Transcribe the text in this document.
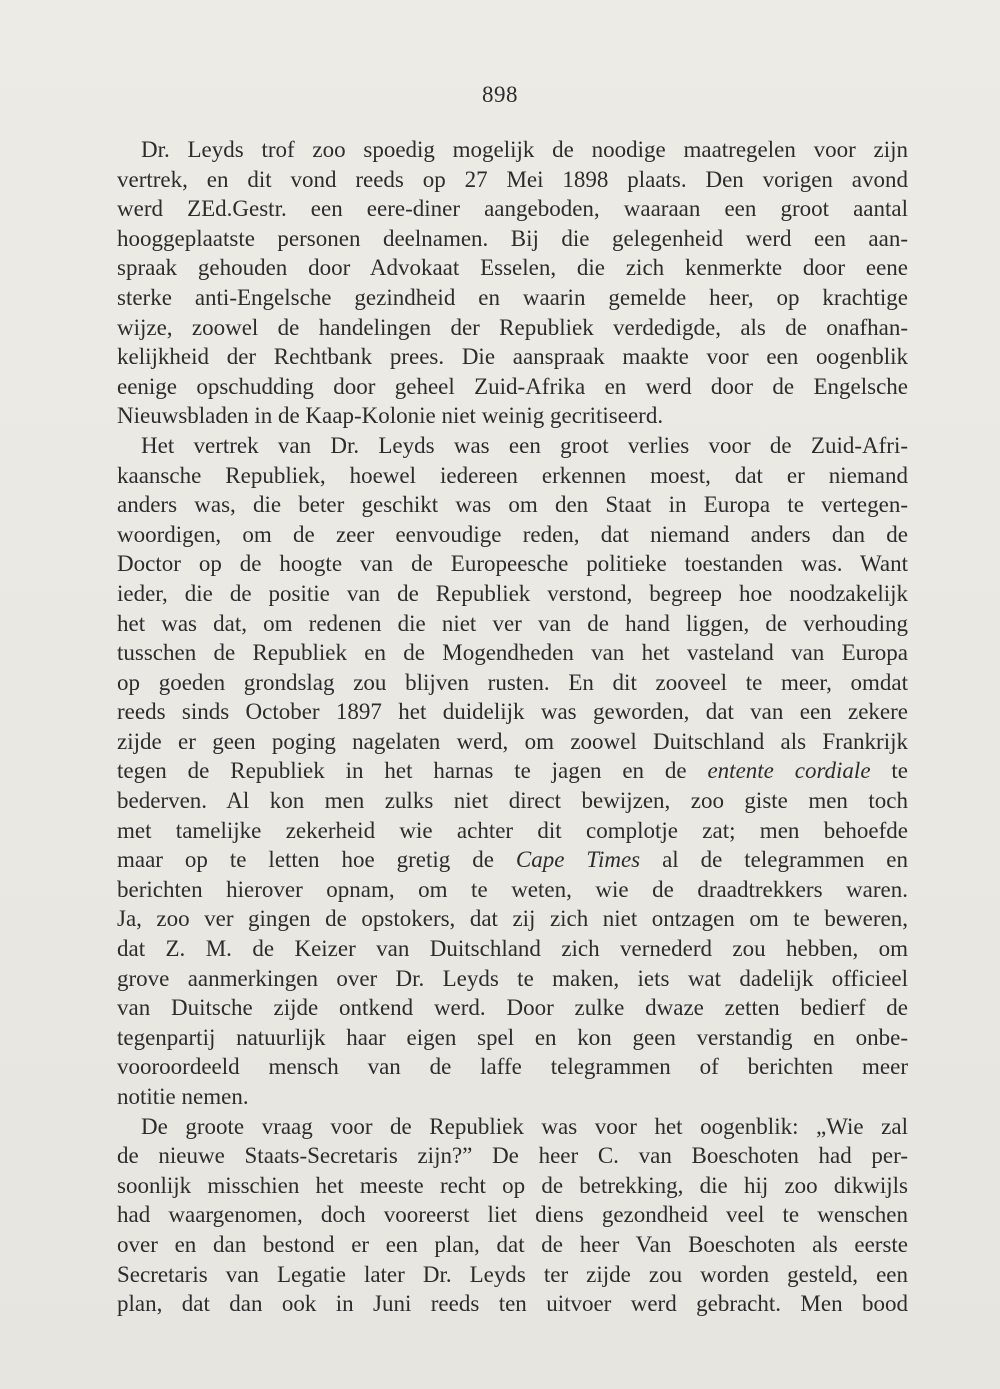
898
Dr. Leyds trof zoo spoedig mogelijk de noodige maatregelen voor zijn
vertrek, en dit vond reeds op 27 Mei 1898 plaats. Den vorigen avond
werd ZEd.Gestr. een eere-diner aangeboden, waaraan een groot aantal
hooggeplaatste personen deelnamen. Bij die gelegenheid werd een aan-
spraak gehouden door Advokaat Esselen, die zich kenmerkte door eene
sterke anti-Engelsche gezindheid en waarin gemelde heer, op krachtige
wijze, zoowel de handelingen der Republiek verdedigde, als de onafhan-
kelijkheid der Rechtbank prees. Die aanspraak maakte voor een oogenblik
eenige opschudding door geheel Zuid-Afrika en werd door de Engelsche
Nieuwsbladen in de Kaap-Kolonie niet weinig gecritiseerd.
Het vertrek van Dr. Leyds was een groot verlies voor de Zuid-Afri-
kaansche Republiek, hoewel iedereen erkennen moest, dat er niemand
anders was, die beter geschikt was om den Staat in Europa te vertegen-
woordigen, om de zeer eenvoudige reden, dat niemand anders dan de
Doctor op de hoogte van de Europeesche politieke toestanden was. Want
ieder, die de positie van de Republiek verstond, begreep hoe noodzakelijk
het was dat, om redenen die niet ver van de hand liggen, de verhouding
tusschen de Republiek en de Mogendheden van het vasteland van Europa
op goeden grondslag zou blijven rusten. En dit zooveel te meer, omdat
reeds sinds October 1897 het duidelijk was geworden, dat van een zekere
zijde er geen poging nagelaten werd, om zoowel Duitschland als Frankrijk
tegen de Republiek in het harnas te jagen en de entente cordiale te
bederven. Al kon men zulks niet direct bewijzen, zoo giste men toch
met tamelijke zekerheid wie achter dit complotje zat; men behoefde
maar op te letten hoe gretig de Cape Times al de telegrammen en
berichten hierover opnam, om te weten, wie de draadtrekkers waren.
Ja, zoo ver gingen de opstokers, dat zij zich niet ontzagen om te beweren,
dat Z. M. de Keizer van Duitschland zich vernederd zou hebben, om
grove aanmerkingen over Dr. Leyds te maken, iets wat dadelijk officieel
van Duitsche zijde ontkend werd. Door zulke dwaze zetten bedierf de
tegenpartij natuurlijk haar eigen spel en kon geen verstandig en onbe-
vooroordeeld mensch van de laffe telegrammen of berichten meer
notitie nemen.
De groote vraag voor de Republiek was voor het oogenblik: „Wie zal
de nieuwe Staats-Secretaris zijn?” De heer C. van Boeschoten had per-
soonlijk misschien het meeste recht op de betrekking, die hij zoo dikwijls
had waargenomen, doch vooreerst liet diens gezondheid veel te wenschen
over en dan bestond er een plan, dat de heer Van Boeschoten als eerste
Secretaris van Legatie later Dr. Leyds ter zijde zou worden gesteld, een
plan, dat dan ook in Juni reeds ten uitvoer werd gebracht. Men bood
